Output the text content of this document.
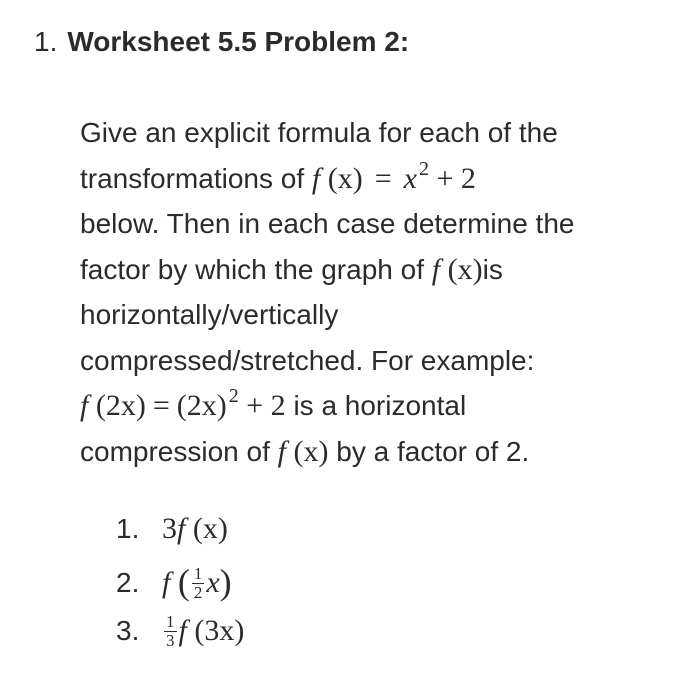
1. Worksheet 5.5 Problem 2:
Give an explicit formula for each of the
transformations of f (x) = x $^2$ + 2
below. Then in each case determine the
factor by which the graph of f (x)is
horizontally/vertically
compressed/stretched. For example:
f (2x) = (2x) $^2$ + 2 is a horizontal
compression of f (x) by a factor of 2.
1. 3f (x)
2. f ( $\frac{1}{2} x$)
3. $\frac{1}{3}$ f (3x)
